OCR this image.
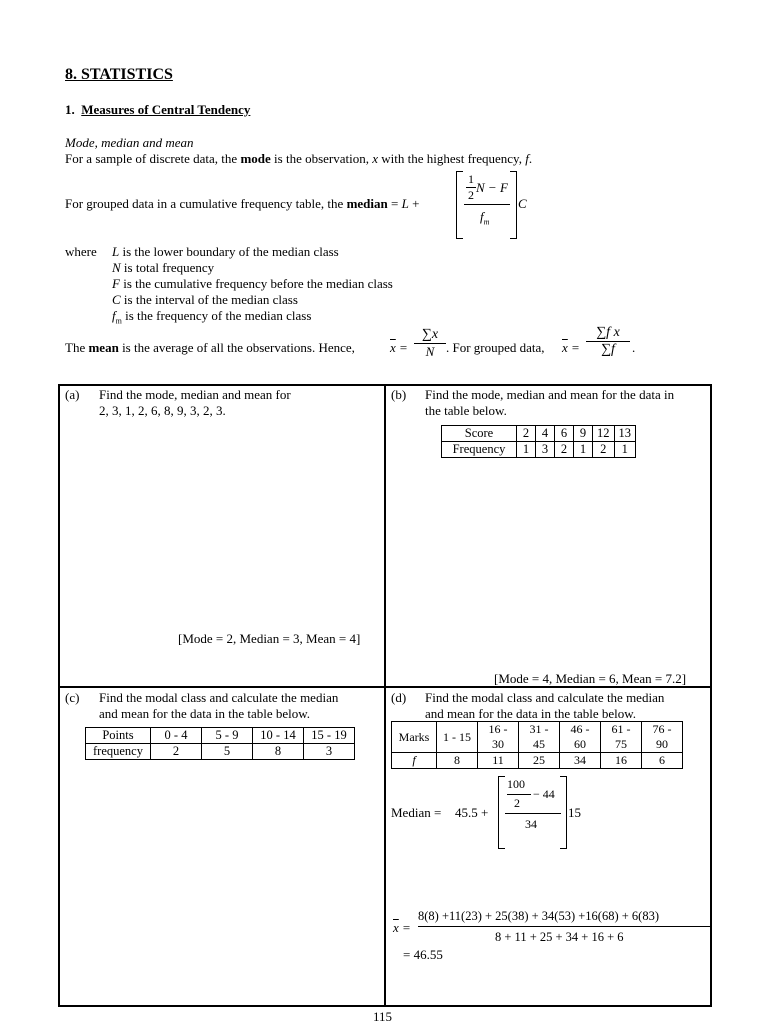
8. STATISTICS
1. Measures of Central Tendency
Mode, median and mean
For a sample of discrete data, the mode is the observation, x with the highest frequency, f.
For grouped data in a cumulative frequency table, the median = L +
1
2 N − F
$f_m$
C
where L is the lower boundary of the median class
N is total frequency
F is the cumulative frequency before the median class
C is the interval of the median class
$f_m$ is the frequency of the median class
The mean is the average of all the observations. Hence,	$\overline{x} = \frac{\sum x}{N}$ . For grouped data, $\overline{x} = \frac{\text{∑f x}}{\sum f}$ .
(a) Find the mode, median and mean for
2, 3, 1, 2, 6, 8, 9, 3, 2, 3.
[Mode = 2, Median = 3, Mean = 4]
(b) Find the mode, median and mean for the data in
the table below.
Score	2	4	6	9	12	13
Frequency	1	3	2	1	2	1
[Mode = 4, Median = 6, Mean = 7.2]
(c) Find the modal class and calculate the median
and mean for the data in the table below.
Points	0 - 4	5 - 9	10 - 14	15 - 19
frequency	2	5	8	3
(d) Find the modal class and calculate the median
and mean for the data in the table below.
Marks	1 - 15	16 - 30	31 - 45	46 - 60	61 - 75	76 - 90
f	8	11	25	34	16	6
Median = 45.5 +
100
2
− 44
34
15
$\overline{x}$ =
8(8) +11(23) + 25(38) + 34(53) +16(68) + 6(83)
8 + 11 + 25 + 34 + 16 + 6
= 46.55
115
